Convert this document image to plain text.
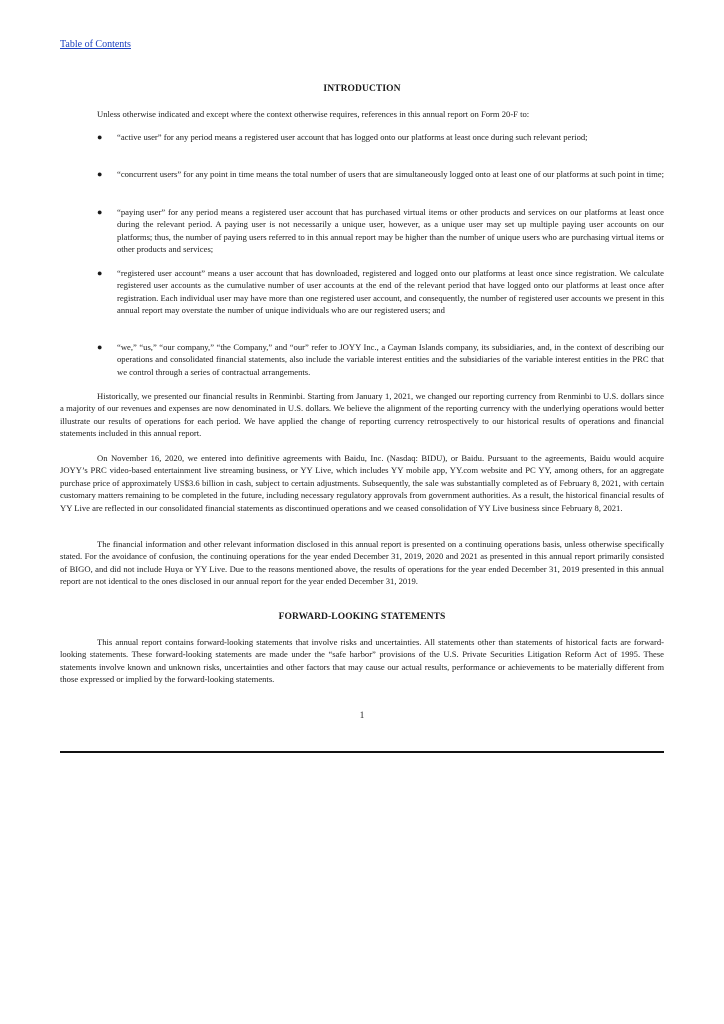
Table of Contents
INTRODUCTION

Unless otherwise indicated and except where the context otherwise requires, references in this annual report on Form 20-F to:

● “active user” for any period means a registered user account that has logged onto our platforms at least once during such relevant period;

● “concurrent users” for any point in time means the total number of users that are simultaneously logged onto at least one of our platforms at such point in time;

● “paying user” for any period means a registered user account that has purchased virtual items or other products and services on our platforms at least once during the relevant period. A paying user is not necessarily a unique user, however, as a unique user may set up multiple paying user accounts on our platforms; thus, the number of paying users referred to in this annual report may be higher than the number of unique users who are purchasing virtual items or other products and services;

● “registered user account” means a user account that has downloaded, registered and logged onto our platforms at least once since registration. We calculate registered user accounts as the cumulative number of user accounts at the end of the relevant period that have logged onto our platforms at least once after registration. Each individual user may have more than one registered user account, and consequently, the number of registered user accounts we present in this annual report may overstate the number of unique individuals who are our registered users; and

● “we,” “us,” “our company,” “the Company,” and “our” refer to JOYY Inc., a Cayman Islands company, its subsidiaries, and, in the context of describing our operations and consolidated financial statements, also include the variable interest entities and the subsidiaries of the variable interest entities in the PRC that we control through a series of contractual arrangements.

Historically, we presented our financial results in Renminbi. Starting from January 1, 2021, we changed our reporting currency from Renminbi to U.S. dollars since a majority of our revenues and expenses are now denominated in U.S. dollars. We believe the alignment of the reporting currency with the underlying operations would better illustrate our results of operations for each period. We have applied the change of reporting currency retrospectively to our historical results of operations and financial statements included in this annual report.

On November 16, 2020, we entered into definitive agreements with Baidu, Inc. (Nasdaq: BIDU), or Baidu. Pursuant to the agreements, Baidu would acquire JOYY’s PRC video-based entertainment live streaming business, or YY Live, which includes YY mobile app, YY.com website and PC YY, among others, for an aggregate purchase price of approximately US$3.6 billion in cash, subject to certain adjustments. Subsequently, the sale was substantially completed as of February 8, 2021, with certain customary matters remaining to be completed in the future, including necessary regulatory approvals from government authorities. As a result, the historical financial results of YY Live are reflected in our consolidated financial statements as discontinued operations and we ceased consolidation of YY Live business since February 8, 2021.

The financial information and other relevant information disclosed in this annual report is presented on a continuing operations basis, unless otherwise specifically stated. For the avoidance of confusion, the continuing operations for the year ended December 31, 2019, 2020 and 2021 as presented in this annual report primarily consisted of BIGO, and did not include Huya or YY Live. Due to the reasons mentioned above, the results of operations for the year ended December 31, 2019 presented in this annual report are not identical to the ones disclosed in our annual report for the year ended December 31, 2019.

FORWARD-LOOKING STATEMENTS

This annual report contains forward-looking statements that involve risks and uncertainties. All statements other than statements of historical facts are forward-looking statements. These forward-looking statements are made under the “safe harbor” provisions of the U.S. Private Securities Litigation Reform Act of 1995. These statements involve known and unknown risks, uncertainties and other factors that may cause our actual results, performance or achievements to be materially different from those expressed or implied by the forward-looking statements.

1
